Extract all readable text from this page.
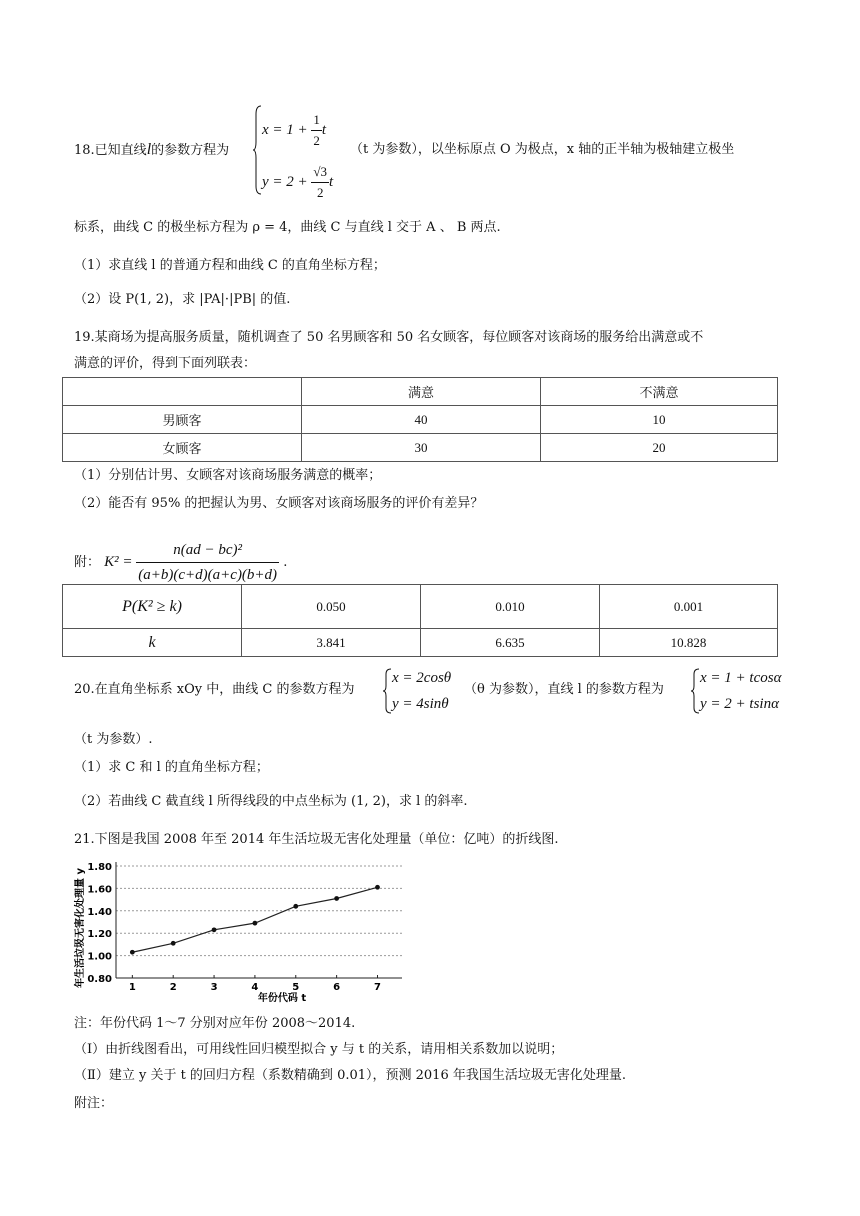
18.已知直线l的参数方程为
$x = 1 + \frac{1}{2}$ t
$y = 2 + \frac{√3}{2}$ t
（t 为参数），以坐标原点 O 为极点，x 轴的正半轴为极轴建立极坐
标系，曲线 C 的极坐标方程为 ρ = 4，曲线 C 与直线 l 交于 A 、 B 两点.
（1）求直线 l 的普通方程和曲线 C 的直角坐标方程；
（2）设 P(1, 2)，求 |PA|·|PB| 的值.
19.某商场为提高服务质量，随机调查了 50 名男顾客和 50 名女顾客，每位顾客对该商场的服务给出满意或不
满意的评价，得到下面列联表：
	满意	不满意
男顾客	40	10
女顾客	30	20
（1）分别估计男、女顾客对该商场服务满意的概率；
（2）能否有 95% 的把握认为男、女顾客对该商场服务的评价有差异？
附： $K^2 = \frac{\text{n(ad − bc)²}}{(a+b)(c+d)(a+c)(b+d)}$ .
P(K² ≥ k)	0.050	0.010	0.001
k	3.841	6.635	10.828
20.在直角坐标系 xOy 中，曲线 C 的参数方程为
x = 2cosθ
y = 4sinθ
（θ 为参数），直线 l 的参数方程为
x = 1 + tcosα
y = 2 + tsinα
（t 为参数）.
（1）求 C 和 l 的直角坐标方程；
（2）若曲线 C 截直线 l 所得线段的中点坐标为 (1, 2)，求 l 的斜率.
21.下图是我国 2008 年至 2014 年生活垃圾无害化处理量（单位：亿吨）的折线图.
0.80
1.00
1.20
1.40
1.60
1.80
1	2	3	4	5	6	7
年份代码 t
年生活垃圾无害化处理量 y
注：年份代码 1～7 分别对应年份 2008～2014.
（Ⅰ）由折线图看出，可用线性回归模型拟合 y 与 t 的关系，请用相关系数加以说明；
（Ⅱ）建立 y 关于 t 的回归方程（系数精确到 0.01），预测 2016 年我国生活垃圾无害化处理量.
附注：
